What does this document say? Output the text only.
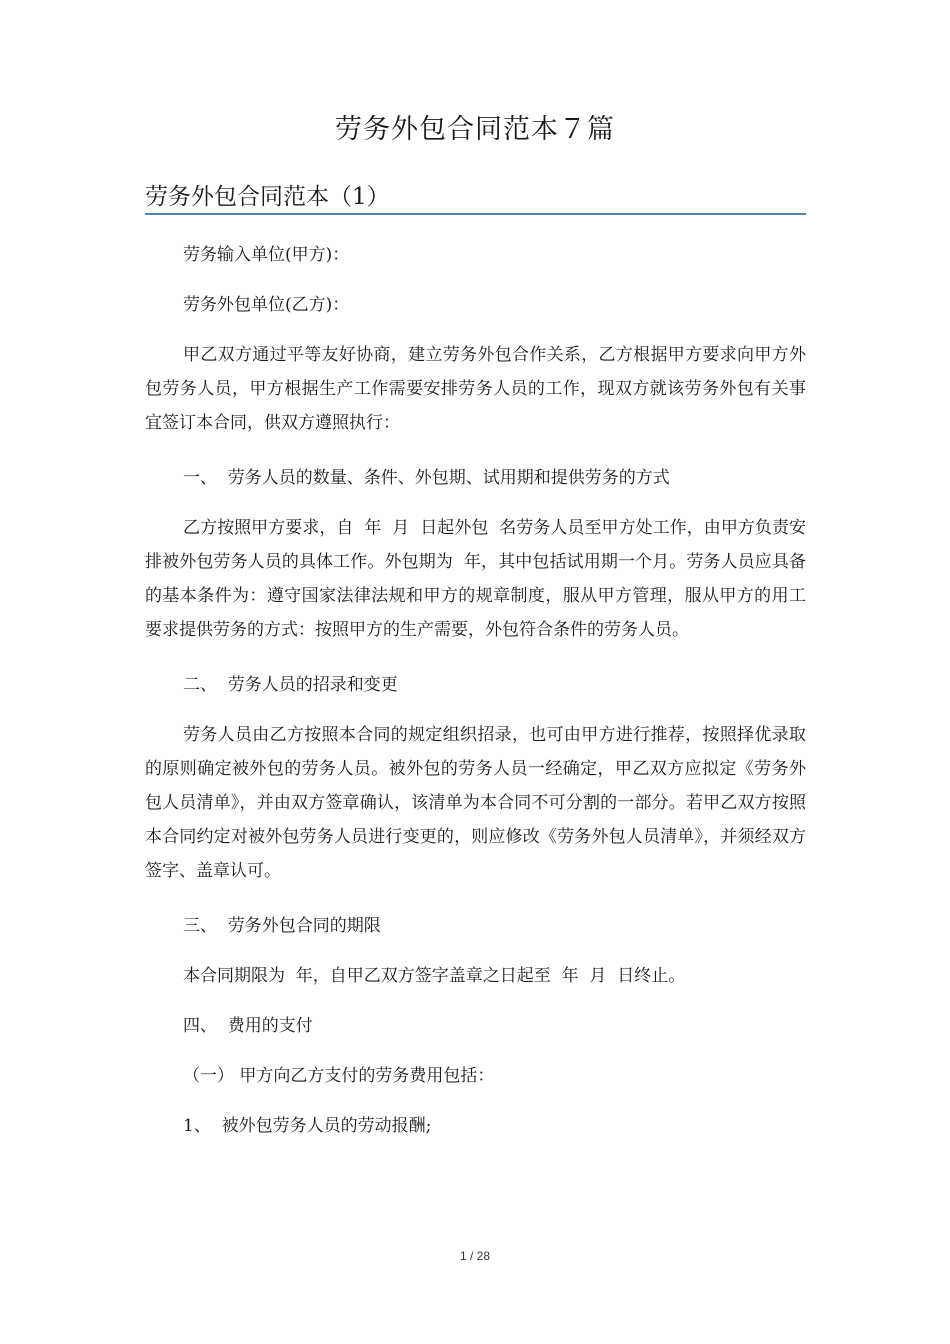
劳务外包合同范本７篇
劳务外包合同范本（1）

劳务输入单位(甲方)：

劳务外包单位(乙方)：

甲乙双方通过平等友好协商，建立劳务外包合作关系，乙方根据甲方要求向甲方外包劳务人员，甲方根据生产工作需要安排劳务人员的工作，现双方就该劳务外包有关事宜签订本合同，供双方遵照执行：

一、  劳务人员的数量、条件、外包期、试用期和提供劳务的方式

乙方按照甲方要求，自  年  月  日起外包  名劳务人员至甲方处工作，由甲方负责安排被外包劳务人员的具体工作。外包期为  年，其中包括试用期一个月。劳务人员应具备的基本条件为：遵守国家法律法规和甲方的规章制度，服从甲方管理，服从甲方的用工要求提供劳务的方式：按照甲方的生产需要，外包符合条件的劳务人员。

二、  劳务人员的招录和变更

劳务人员由乙方按照本合同的规定组织招录，也可由甲方进行推荐，按照择优录取的原则确定被外包的劳务人员。被外包的劳务人员一经确定，甲乙双方应拟定《劳务外包人员清单》，并由双方签章确认，该清单为本合同不可分割的一部分。若甲乙双方按照本合同约定对被外包劳务人员进行变更的，则应修改《劳务外包人员清单》，并须经双方签字、盖章认可。

三、  劳务外包合同的期限

本合同期限为  年，自甲乙双方签字盖章之日起至  年  月  日终止。

四、  费用的支付

（一） 甲方向乙方支付的劳务费用包括：

1、  被外包劳务人员的劳动报酬;

1 / 28
